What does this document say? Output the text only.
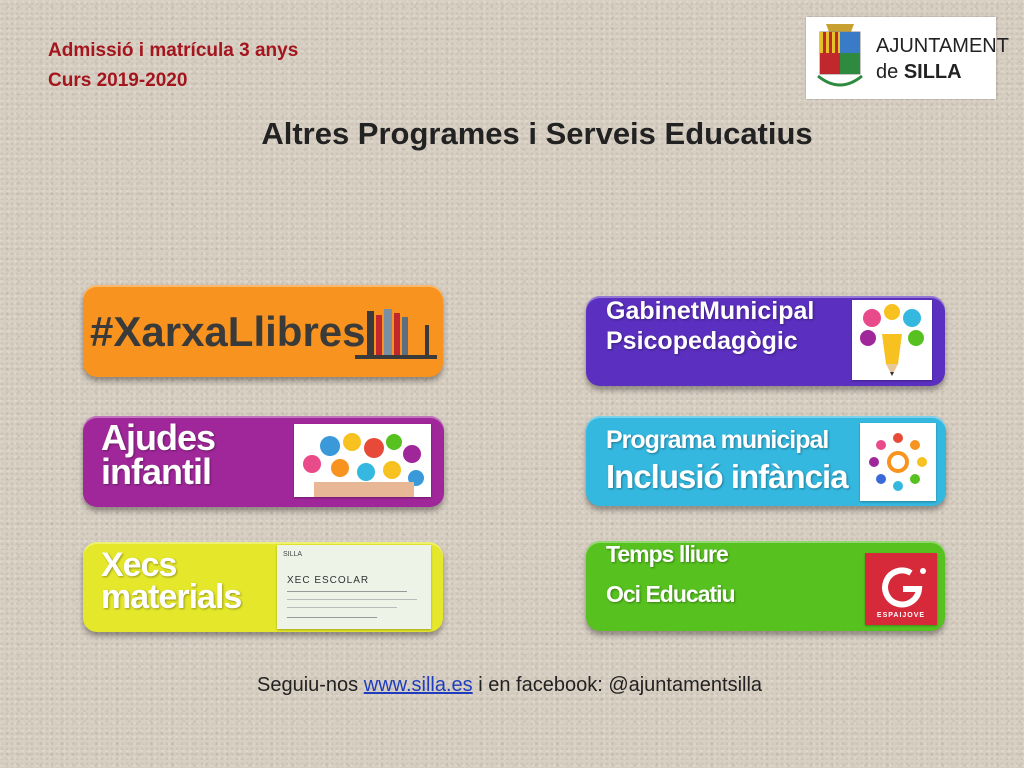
Admissió i matrícula 3 anys
Curs 2019-2020
AJUNTAMENT
de SILLA
Altres Programes i Serveis Educatius
#XarxaLlibres
Ajudes
infantil
Xecs
materials
SILLA
XEC ESCOLAR
GabinetMunicipal
Psicopedagògic
Programa municipal
Inclusió infància
Temps lliure
Oci Educatiu
ESPAIJOVE
Seguiu-nos www.silla.es i en facebook: @ajuntamentsilla
